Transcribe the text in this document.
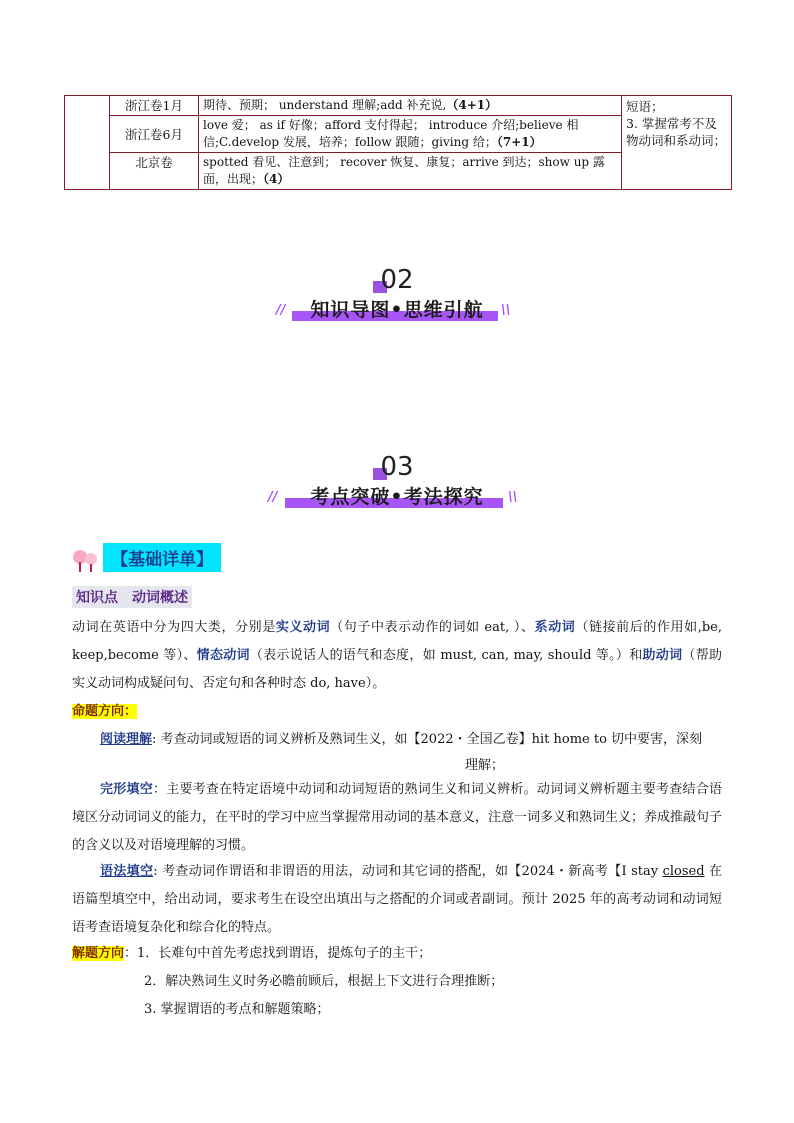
	浙江卷1月	期待、预期； understand 理解;add 补充说,（4+1）	短语；
3. 掌握常考不及物动词和系动词；
	浙江卷6月	love 爱； as if 好像；afford 支付得起； introduce 介绍;believe 相信;C.develop 发展，培养；follow 跟随；giving 给；（7+1）	
	北京卷	spotted 看见、注意到； recover 恢复、康复；arrive 到达；show up 露面，出现；（4）	
02
//	知识导图•思维引航	\\
03
//	考点突破•考法探究	\\
【基础详单】
知识点　动词概述
动词在英语中分为四大类，分别是实义动词（句子中表示动作的词如 eat, ）、系动词（链接前后的作用如,be, keep,become 等）、情态动词（表示说话人的语气和态度，如 must, can, may, should 等。）和助动词（帮助实义动词构成疑问句、否定句和各种时态 do, have）。
命题方向：
阅读理解: 考查动词或短语的词义辨析及熟词生义，如【2022・全国乙卷】hit home to 切中要害，深刻
理解；
完形填空：主要考查在特定语境中动词和动词短语的熟词生义和词义辨析。动词词义辨析题主要考查结合语境区分动词词义的能力，在平时的学习中应当掌握常用动词的基本意义，注意一词多义和熟词生义；养成推敲句子的含义以及对语境理解的习惯。
语法填空: 考查动词作谓语和非谓语的用法，动词和其它词的搭配，如【2024・新高考【I stay closed 在语篇型填空中，给出动词，要求考生在设空出填出与之搭配的介词或者副词。预计 2025 年的高考动词和动词短语考查语境复杂化和综合化的特点。
解题方向：1．长难句中首先考虑找到谓语，提炼句子的主干；
2．解决熟词生义时务必瞻前顾后，根据上下文进行合理推断；
3. 掌握谓语的考点和解题策略；
